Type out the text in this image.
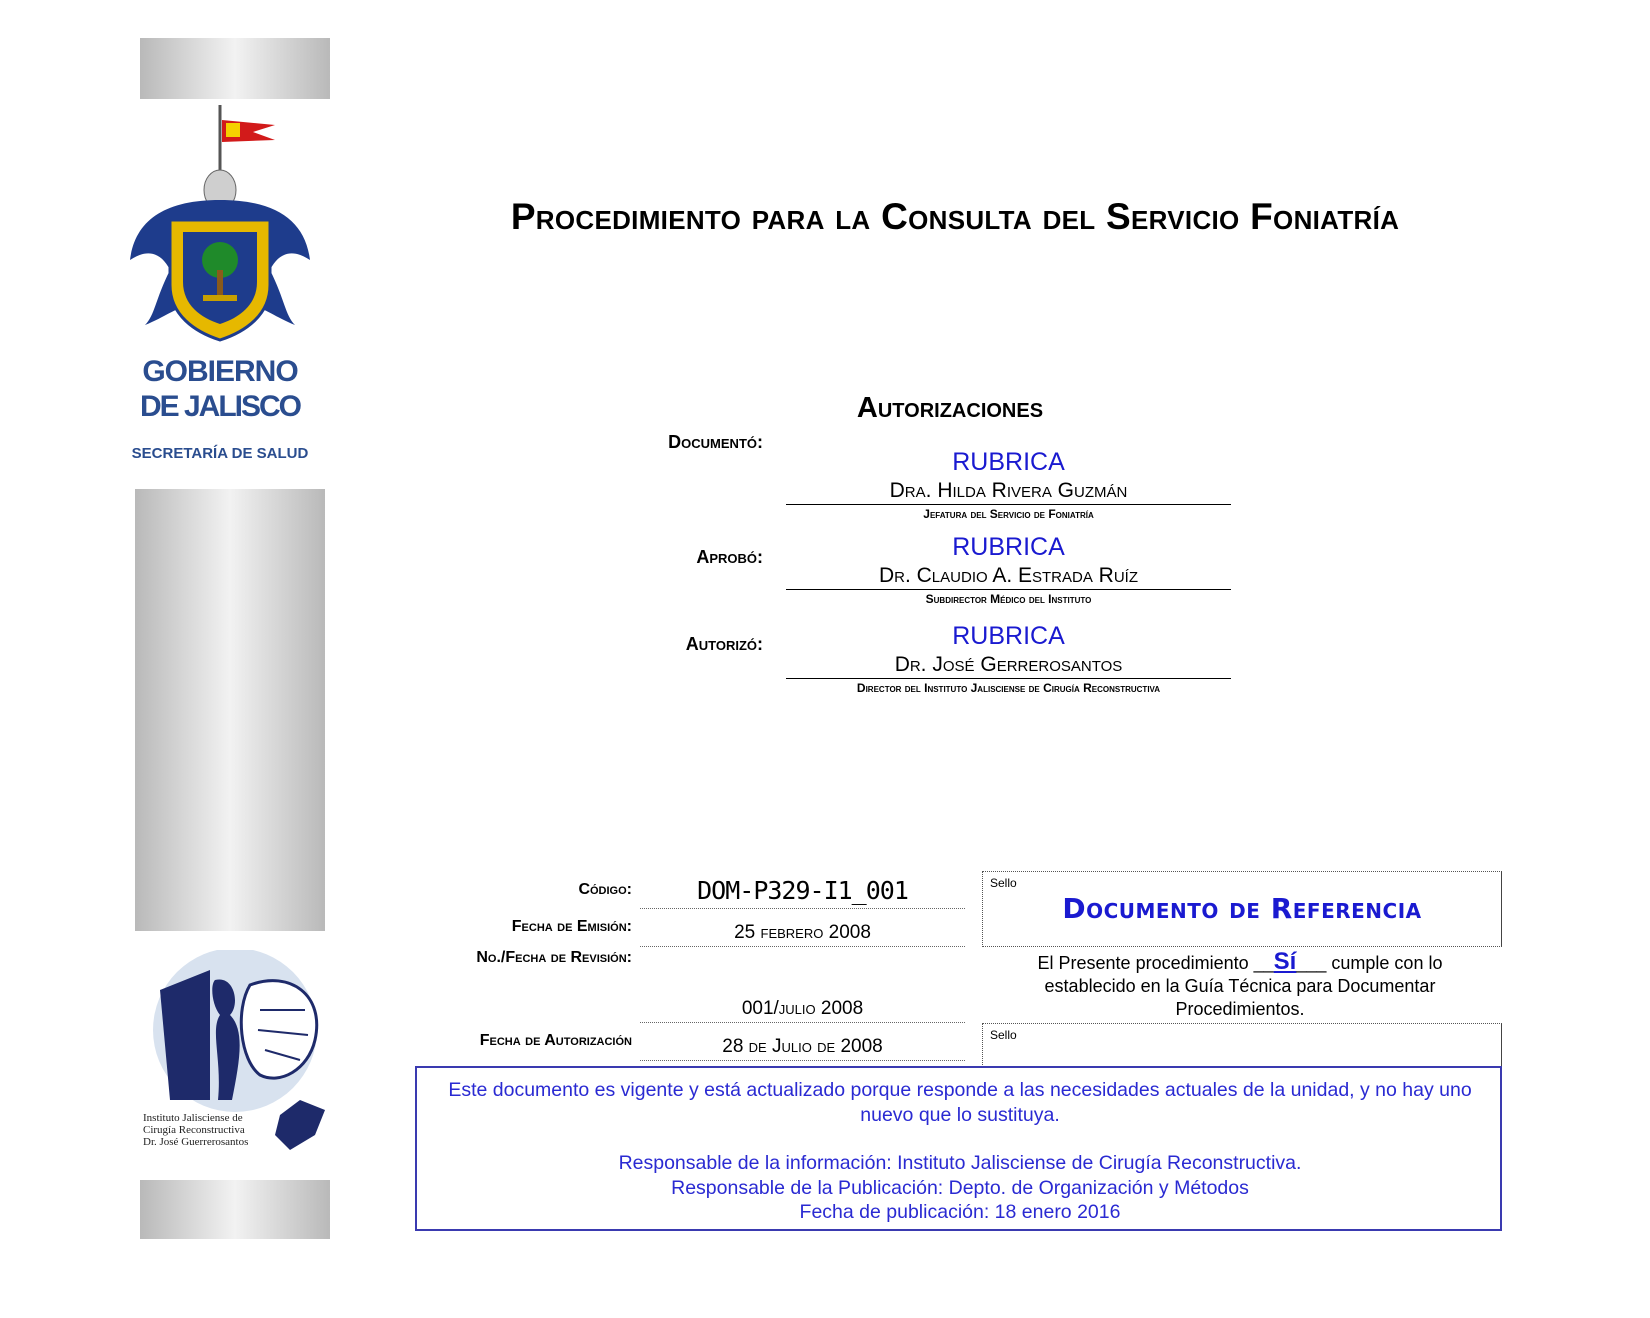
GOBIERNO
DE JALISCO
SECRETARÍA DE SALUD
Instituto Jalisciense de
Cirugía Reconstructiva
Dr. José Guerrerosantos
Procedimiento para la Consulta del Servicio Foniatría
Autorizaciones
Documentó:
RUBRICA
Dra. Hilda Rivera Guzmán
Jefatura del Servicio de Foniatría
Aprobó:	RUBRICA
Dr. Claudio A. Estrada Ruíz
Subdirector Médico del Instituto
Autorizó:	RUBRICA
Dr. José Gerrerosantos
Director del Instituto Jalisciense de Cirugía Reconstructiva
Código:	DOM-P329-I1_001
Fecha de Emisión:	25 febrero 2008
No./Fecha de Revisión:
001/julio 2008
Fecha de Autorización	28 de Julio de 2008
Sello
Documento de Referencia
El Presente procedimiento __Sí___ cumple con lo establecido en la Guía Técnica para Documentar Procedimientos.
Sello
Este documento es vigente y está actualizado porque responde a las necesidades actuales de la unidad, y no hay uno nuevo que lo sustituya.
Responsable de la información: Instituto Jalisciense de Cirugía Reconstructiva.
Responsable de la Publicación: Depto. de Organización y Métodos
Fecha de publicación: 18 enero 2016
